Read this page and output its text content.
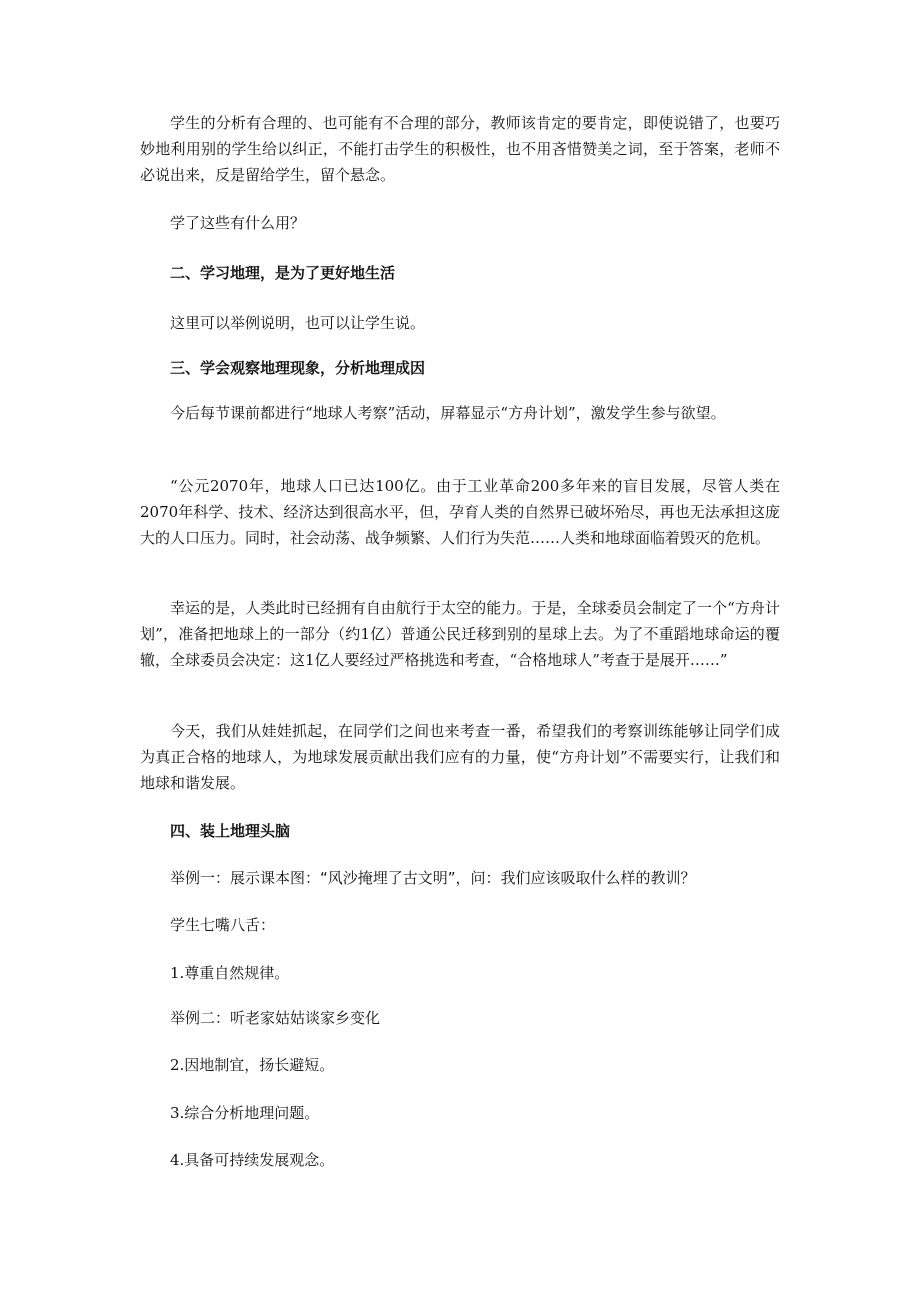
学生的分析有合理的、也可能有不合理的部分，教师该肯定的要肯定，即使说错了，也要巧妙地利用别的学生给以纠正，不能打击学生的积极性，也不用吝惜赞美之词，至于答案，老师不必说出来，反是留给学生，留个悬念。

学了这些有什么用？

二、学习地理，是为了更好地生活

这里可以举例说明，也可以让学生说。

三、学会观察地理现象，分析地理成因

今后每节课前都进行“地球人考察”活动，屏幕显示“方舟计划”，激发学生参与欲望。

“公元2070年，地球人口已达100亿。由于工业革命200多年来的盲目发展，尽管人类在2070年科学、技术、经济达到很高水平，但，孕育人类的自然界已破坏殆尽，再也无法承担这庞大的人口压力。同时，社会动荡、战争频繁、人们行为失范……人类和地球面临着毁灭的危机。

幸运的是，人类此时已经拥有自由航行于太空的能力。于是，全球委员会制定了一个“方舟计划”，准备把地球上的一部分（约1亿）普通公民迁移到别的星球上去。为了不重蹈地球命运的覆辙，全球委员会决定：这1亿人要经过严格挑选和考查，“合格地球人”考查于是展开……”

今天，我们从娃娃抓起，在同学们之间也来考查一番，希望我们的考察训练能够让同学们成为真正合格的地球人，为地球发展贡献出我们应有的力量，使“方舟计划”不需要实行，让我们和地球和谐发展。

四、装上地理头脑

举例一：展示课本图：“风沙掩埋了古文明”，问：我们应该吸取什么样的教训？

学生七嘴八舌：

1.尊重自然规律。

举例二：听老家姑姑谈家乡变化

2.因地制宜，扬长避短。

3.综合分析地理问题。

4.具备可持续发展观念。
